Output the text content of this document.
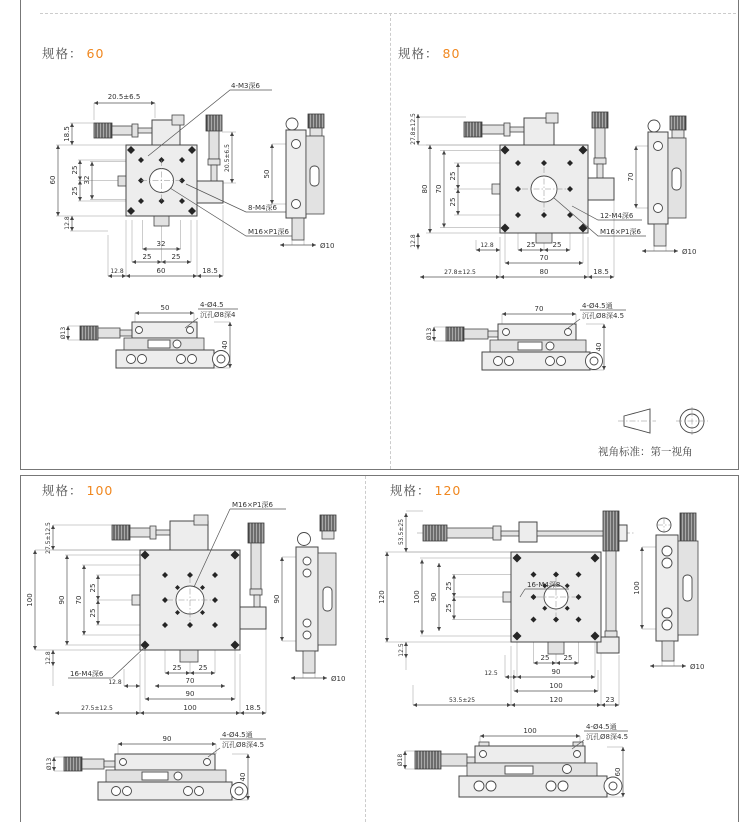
规格： 60	规格： 80
规格： 100	规格： 120
20.5±6.5
18.5
60
25
32
25
12.8
20.5±6.5
32
25	25
12.8	60	18.5
4-M3深6
8-M4深6
M16×P1深6
50
Ø10
50	4-Ø4.5
沉孔Ø8深4
Ø13
40
27.8±12.5
80 70
25
25
12.8	12.8	25 25
70
27.8±12.5	80	18.5
12-M4深6
M16×P1深6
70
Ø10
70	4-Ø4.5通
沉孔Ø8深4.5
Ø13
40
视角标准：第一视角
27.5±12.5
100	90 70
25
25
12.8
25 25
12.8	70
90
27.5±12.5	100	18.5
M16×P1深6
16-M4深6
90
Ø10
90	4-Ø4.5通
沉孔Ø8深4.5
Ø13
40
16-M4深8
53.5±25
120	100 90
25
25
12.5
25 25
12.5	90
100
53.5±25	120	23
100
Ø10
100	4-Ø4.5通
沉孔Ø8深4.5
Ø18
60
